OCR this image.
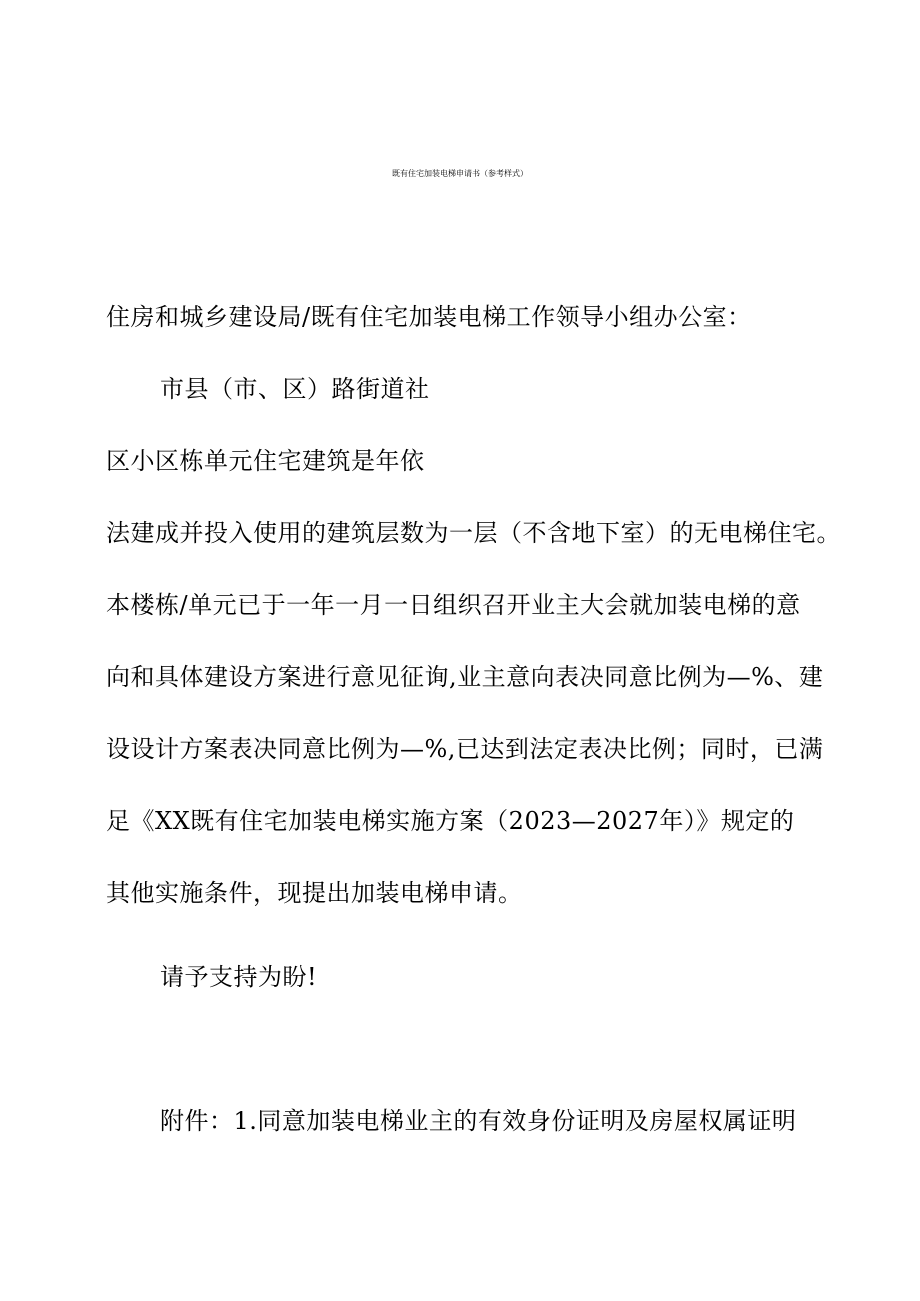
既有住宅加装电梯申请书（参考样式）
住房和城乡建设局/既有住宅加装电梯工作领导小组办公室：
市县（市、区）路街道社
区小区栋单元住宅建筑是年依
法建成并投入使用的建筑层数为一层（不含地下室）的无电梯住宅。
本楼栋/单元已于一年一月一日组织召开业主大会就加装电梯的意
向和具体建设方案进行意见征询,业主意向表决同意比例为—%、建
设设计方案表决同意比例为—%,已达到法定表决比例；同时，已满
足《XX既有住宅加装电梯实施方案（2023—2027年）》规定的
其他实施条件，现提出加装电梯申请。
请予支持为盼!
附件：1.同意加装电梯业主的有效身份证明及房屋权属证明
